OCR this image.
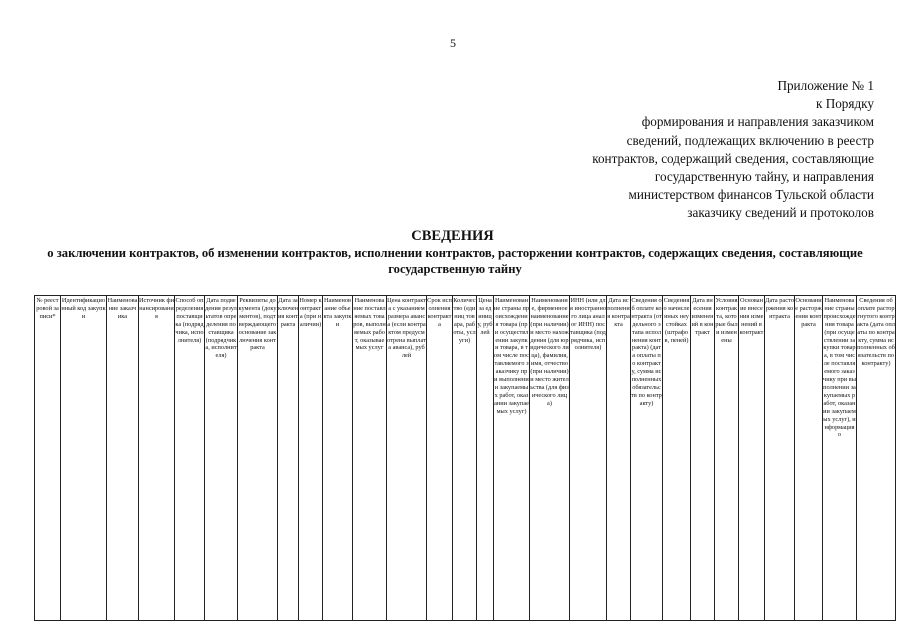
5
Приложение № 1
к Порядку
формирования и направления заказчиком
сведений, подлежащих включению в реестр
контрактов, содержащий сведения, составляющие
государственную тайну, и направления
министерством финансов Тульской области
заказчику сведений и протоколов
СВЕДЕНИЯ
о заключении контрактов, об изменении контрактов, исполнении контрактов, расторжении контрактов, содержащих сведения, составляющие государственную тайну
№ реестровой записи*	Идентификационный код закупки	Наименование заказчика	Источник финансирования	Способ определения поставщика (подрядчика, исполнителя)	Дата подведения результатов определения поставщика (подрядчика, исполнителя)	Реквизиты документа (документов), подтверждающего основание заключения контракта	Дата заключения контракта	Номер контракта (при наличии)	Наименование объекта закупки	Наименование поставляемых товаров, выполняемых работ, оказываемых услуг	Цена контракта с указанием размера аванса (если контрактом предусмотрена выплата аванса), рублей	Срок исполнения контракта	Количество (единиц товара, работы, услуги)	Цена за единицу, рублей	Наименование страны происхождения товара (при осуществлении закупки товара, в том числе поставляемого заказчику при выполнении закупаемых работ, оказании закупаемых услуг)	Наименование, фирменное наименование (при наличии) и место нахождения (для юридического лица), фамилия, имя, отчество (при наличии) и место жительства (для физического лица)	ИНН (или для иностранного лица аналог ИНН) поставщика (подрядчика, исполнителя)	Дата исполнения контракта	Сведения об оплате контракта (отдельного этапа исполнения контракта) (дата оплаты по контракту, сумма исполненных обязательств по контракту)	Сведения о начисленных неустойках (штрафов, пеней)	Дата внесения изменений в контракт	Условия контракта, которые были изменены	Основание внесения изменений в контракт	Дата расторжения контракта	Основание расторжения контракта	Наименование страны происхождения товара (при осуществлении закупки товара, в том числе поставляемого заказчику при выполнении закупаемых работ, оказании закупаемых услуг), информация о	Сведения об оплате расторгнутого контракта (дата оплаты по контракту, сумма исполненных обязательств по контракту)
